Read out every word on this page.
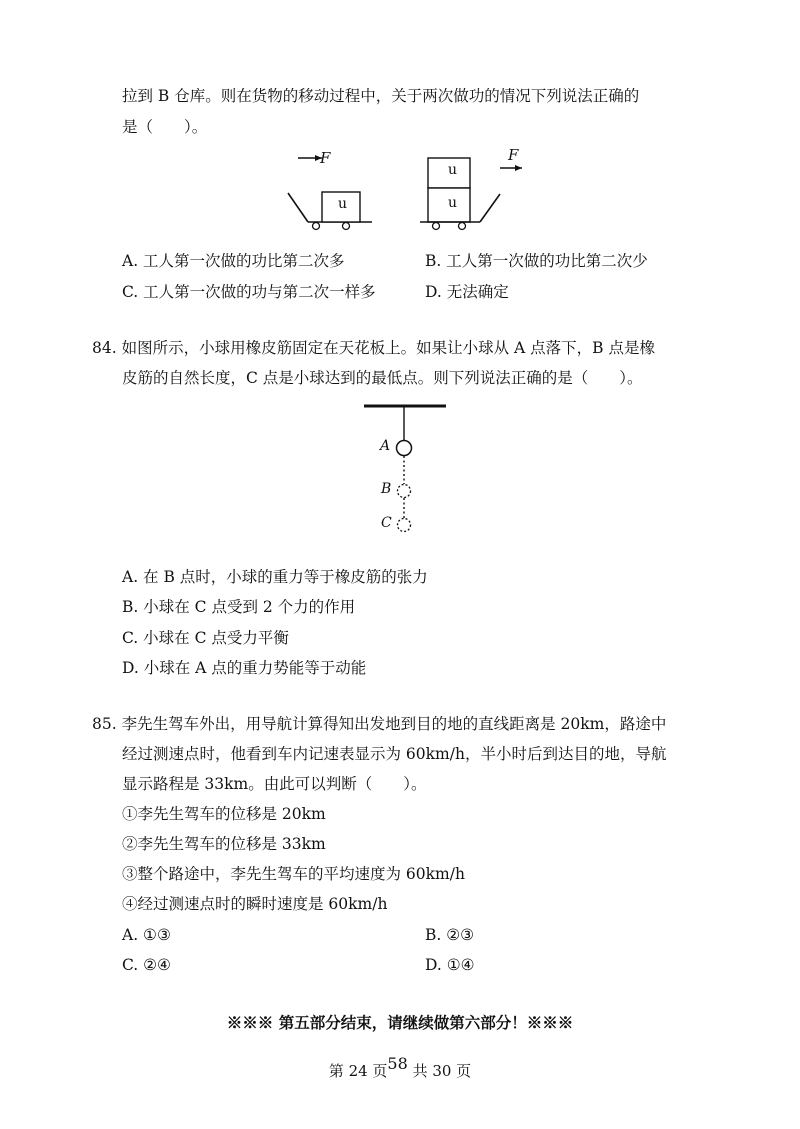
拉到 B 仓库。则在货物的移动过程中，关于两次做功的情况下列说法正确的
是（　　）。
F	F
u
u
u
A. 工人第一次做的功比第二次多	B. 工人第一次做的功比第二次少
C. 工人第一次做的功与第二次一样多	D. 无法确定
84. 如图所示，小球用橡皮筋固定在天花板上。如果让小球从 A 点落下，B 点是橡
皮筋的自然长度，C 点是小球达到的最低点。则下列说法正确的是（　　）。
A
B
C
A. 在 B 点时，小球的重力等于橡皮筋的张力
B. 小球在 C 点受到 2 个力的作用
C. 小球在 C 点受力平衡
D. 小球在 A 点的重力势能等于动能
85. 李先生驾车外出，用导航计算得知出发地到目的地的直线距离是 20km，路途中
经过测速点时，他看到车内记速表显示为 60km/h，半小时后到达目的地，导航
显示路程是 33km。由此可以判断（　　）。
①李先生驾车的位移是 20km
②李先生驾车的位移是 33km
③整个路途中，李先生驾车的平均速度为 60km/h
④经过测速点时的瞬时速度是 60km/h
A. ①③	B. ②③
C. ②④	D. ①④
※※※ 第五部分结束，请继续做第六部分！※※※
第 24 页58 共 30 页
